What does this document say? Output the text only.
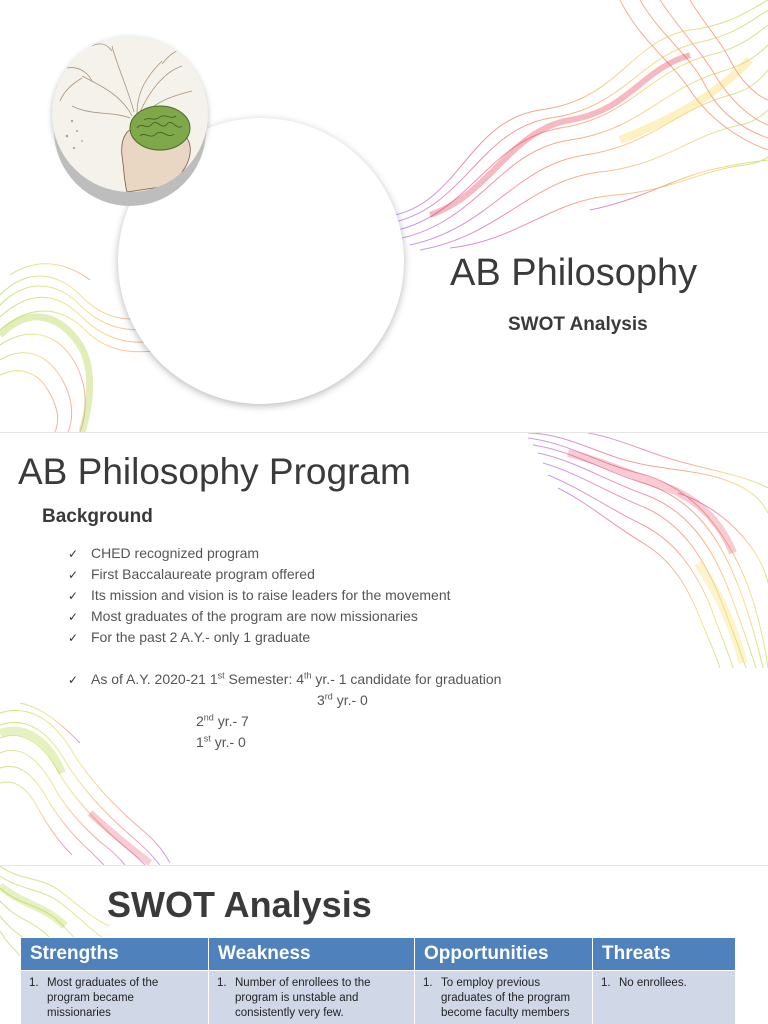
AB Philosophy
SWOT Analysis
AB Philosophy Program
Background
✓ CHED recognized program
✓ First Baccalaureate program offered
✓ Its mission and vision is to raise leaders for the movement
✓ Most graduates of the program are now missionaries
✓ For the past 2 A.Y.- only 1 graduate
✓ As of A.Y. 2020-21 1st Semester: 4th yr.- 1 candidate for graduation
3rd yr.- 0
2nd yr.- 7
1st yr.- 0
SWOT Analysis
Strengths	Weakness	Opportunities	Threats

1. Most graduates of the program became missionaries	1. Number of enrollees to the program is unstable and consistently very few.	1. To employ previous graduates of the program become faculty members	1. No enrollees.
